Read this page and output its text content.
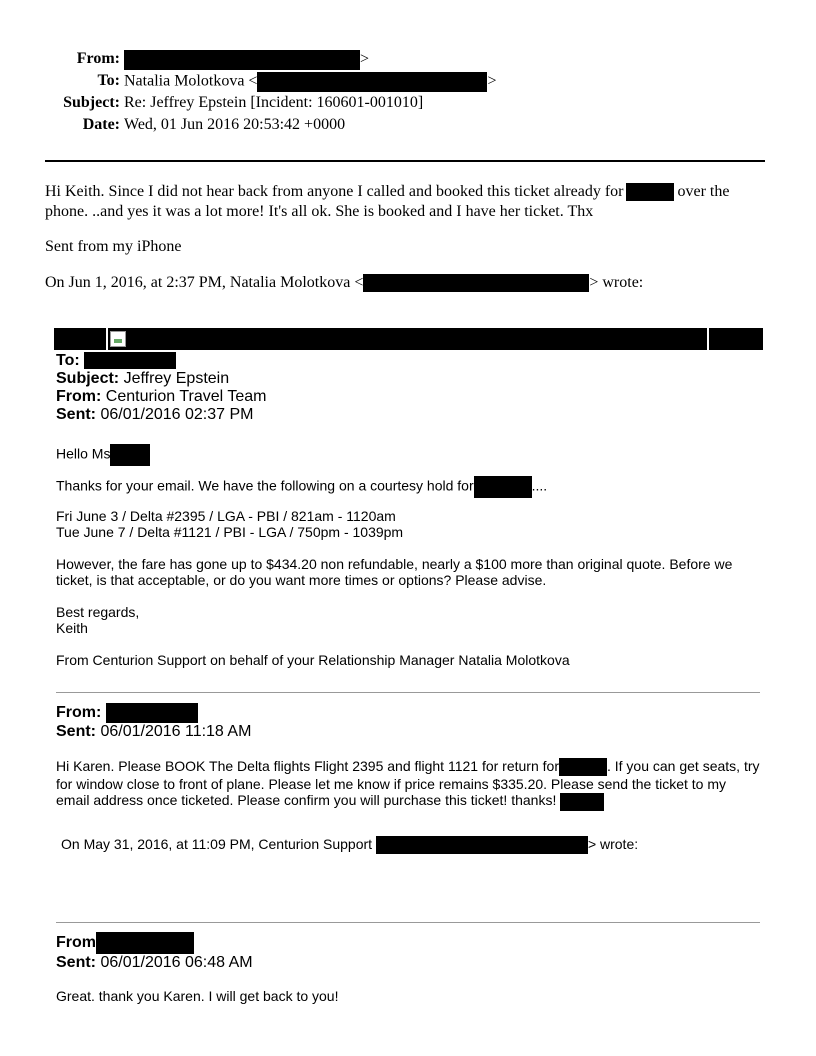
From:	>
To: Natalia Molotkova <	>
Subject: Re: Jeffrey Epstein [Incident: 160601-001010]
Date: Wed, 01 Jun 2016 20:53:42 +0000
Hi Keith. Since I did not hear back from anyone I called and booked this ticket already for	over the phone. ..and yes it was a lot more! It's all ok. She is booked and I have her ticket. Thx
Sent from my iPhone
On Jun 1, 2016, at 2:37 PM, Natalia Molotkova <	> wrote:
To:
Subject: Jeffrey Epstein
From: Centurion Travel Team
Sent: 06/01/2016 02:37 PM
Hello Ms
Thanks for your email. We have the following on a courtesy hold for	....
Fri June 3 / Delta #2395 / LGA - PBI / 821am - 1120am
Tue June 7 / Delta #1121 / PBI - LGA / 750pm - 1039pm
However, the fare has gone up to $434.20 non refundable, nearly a $100 more than original quote. Before we ticket, is that acceptable, or do you want more times or options? Please advise.
Best regards,
Keith
From Centurion Support on behalf of your Relationship Manager Natalia Molotkova
From:
Sent: 06/01/2016 11:18 AM
Hi Karen. Please BOOK The Delta flights Flight 2395 and flight 1121 for return for	. If you can get seats, try for window close to front of plane. Please let me know if price remains $335.20. Please send the ticket to my email address once ticketed. Please confirm you will purchase this ticket! thanks!
On May 31, 2016, at 11:09 PM, Centurion Support	> wrote:
From
Sent: 06/01/2016 06:48 AM
Great. thank you Karen. I will get back to you!
